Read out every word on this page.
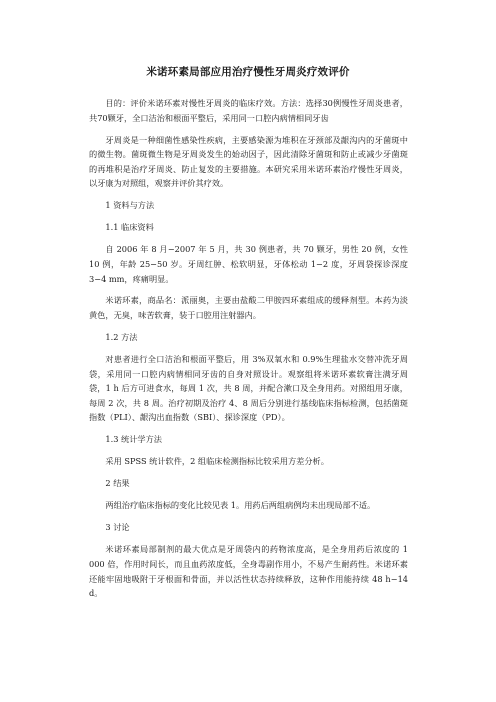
米诺环素局部应用治疗慢性牙周炎疗效评价

目的：评价米诺环素对慢性牙周炎的临床疗效。方法：选择30例慢性牙周炎患者，共70颗牙，全口洁治和根面平整后，采用同一口腔内病情相同牙齿

牙周炎是一种细菌性感染性疾病，主要感染源为堆积在牙颈部及龈沟内的牙菌斑中的微生物。菌斑微生物是牙周炎发生的始动因子，因此清除牙菌斑和防止或减少牙菌斑的再堆积是治疗牙周炎、防止复发的主要措施。本研究采用米诺环素治疗慢性牙周炎，以牙康为对照组，观察并评价其疗效。

1 资料与方法

1.1 临床资料

自 2006 年 8 月−2007 年 5 月，共 30 例患者，共 70 颗牙，男性 20 例，女性 10 例，年龄 25−50 岁。牙周红肿、松软明显，牙体松动 1−2 度，牙周袋探诊深度 3−4 mm，疼痛明显。

米诺环素，商品名：派丽奥，主要由盐酸二甲胺四环素组成的缓释剂型。本药为淡黄色，无臭，味苦软膏，装于口腔用注射器内。

1.2 方法

对患者进行全口洁治和根面平整后，用 3%双氧水和 0.9%生理盐水交替冲洗牙周袋，采用同一口腔内病情相同牙齿的自身对照设计。观察组将米诺环素软膏注满牙周袋，1 h 后方可进食水，每周 1 次，共 8 周，并配合漱口及全身用药。对照组用牙康，每周 2 次，共 8 周。治疗初期及治疗 4、8 周后分别进行基线临床指标检测，包括菌斑指数（PLI）、龈沟出血指数（SBI）、探诊深度（PD）。

1.3 统计学方法

采用 SPSS 统计软件，2 组临床检测指标比较采用方差分析。

2 结果

两组治疗临床指标的变化比较见表 1。用药后两组病例均未出现局部不适。

3 讨论

米诺环素局部制剂的最大优点是牙周袋内的药物浓度高，是全身用药后浓度的 1 000 倍，作用时间长，而且血药浓度低，全身毒副作用小，不易产生耐药性。米诺环素还能牢固地吸附于牙根面和骨面，并以活性状态持续释放，这种作用能持续 48 h−14 d。
